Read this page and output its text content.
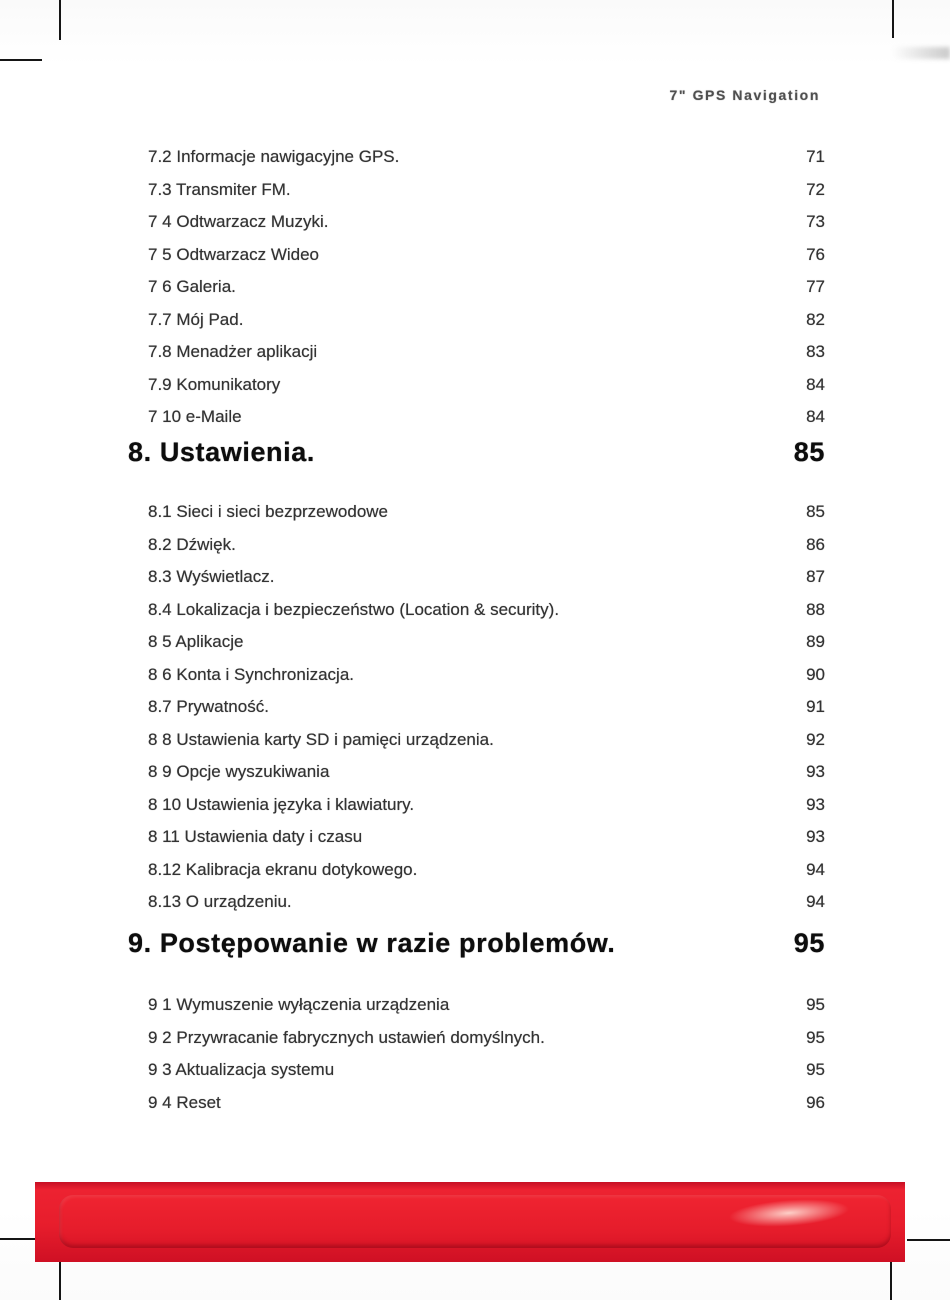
7" GPS Navigation
7.2 Informacje nawigacyjne GPS.	71
7.3 Transmiter FM.	72
7 4 Odtwarzacz Muzyki.	73
7 5 Odtwarzacz Wideo	76
7 6 Galeria.	77
7.7 Mój Pad.	82
7.8 Menadżer aplikacji	83
7.9 Komunikatory	84
7 10 e-Maile	84
8. Ustawienia.	85
8.1 Sieci i sieci bezprzewodowe	85
8.2 Dźwięk.	86
8.3 Wyświetlacz.	87
8.4 Lokalizacja i bezpieczeństwo (Location & security).	88
8 5 Aplikacje	89
8 6 Konta i Synchronizacja.	90
8.7 Prywatność.	91
8 8 Ustawienia karty SD i pamięci urządzenia.	92
8 9 Opcje wyszukiwania	93
8 10 Ustawienia języka i klawiatury.	93
8 11 Ustawienia daty i czasu	93
8.12 Kalibracja ekranu dotykowego.	94
8.13 O urządzeniu.	94
9. Postępowanie w razie problemów.	95
9 1 Wymuszenie wyłączenia urządzenia	95
9 2 Przywracanie fabrycznych ustawień domyślnych.	95
9 3 Aktualizacja systemu	95
9 4 Reset	96
